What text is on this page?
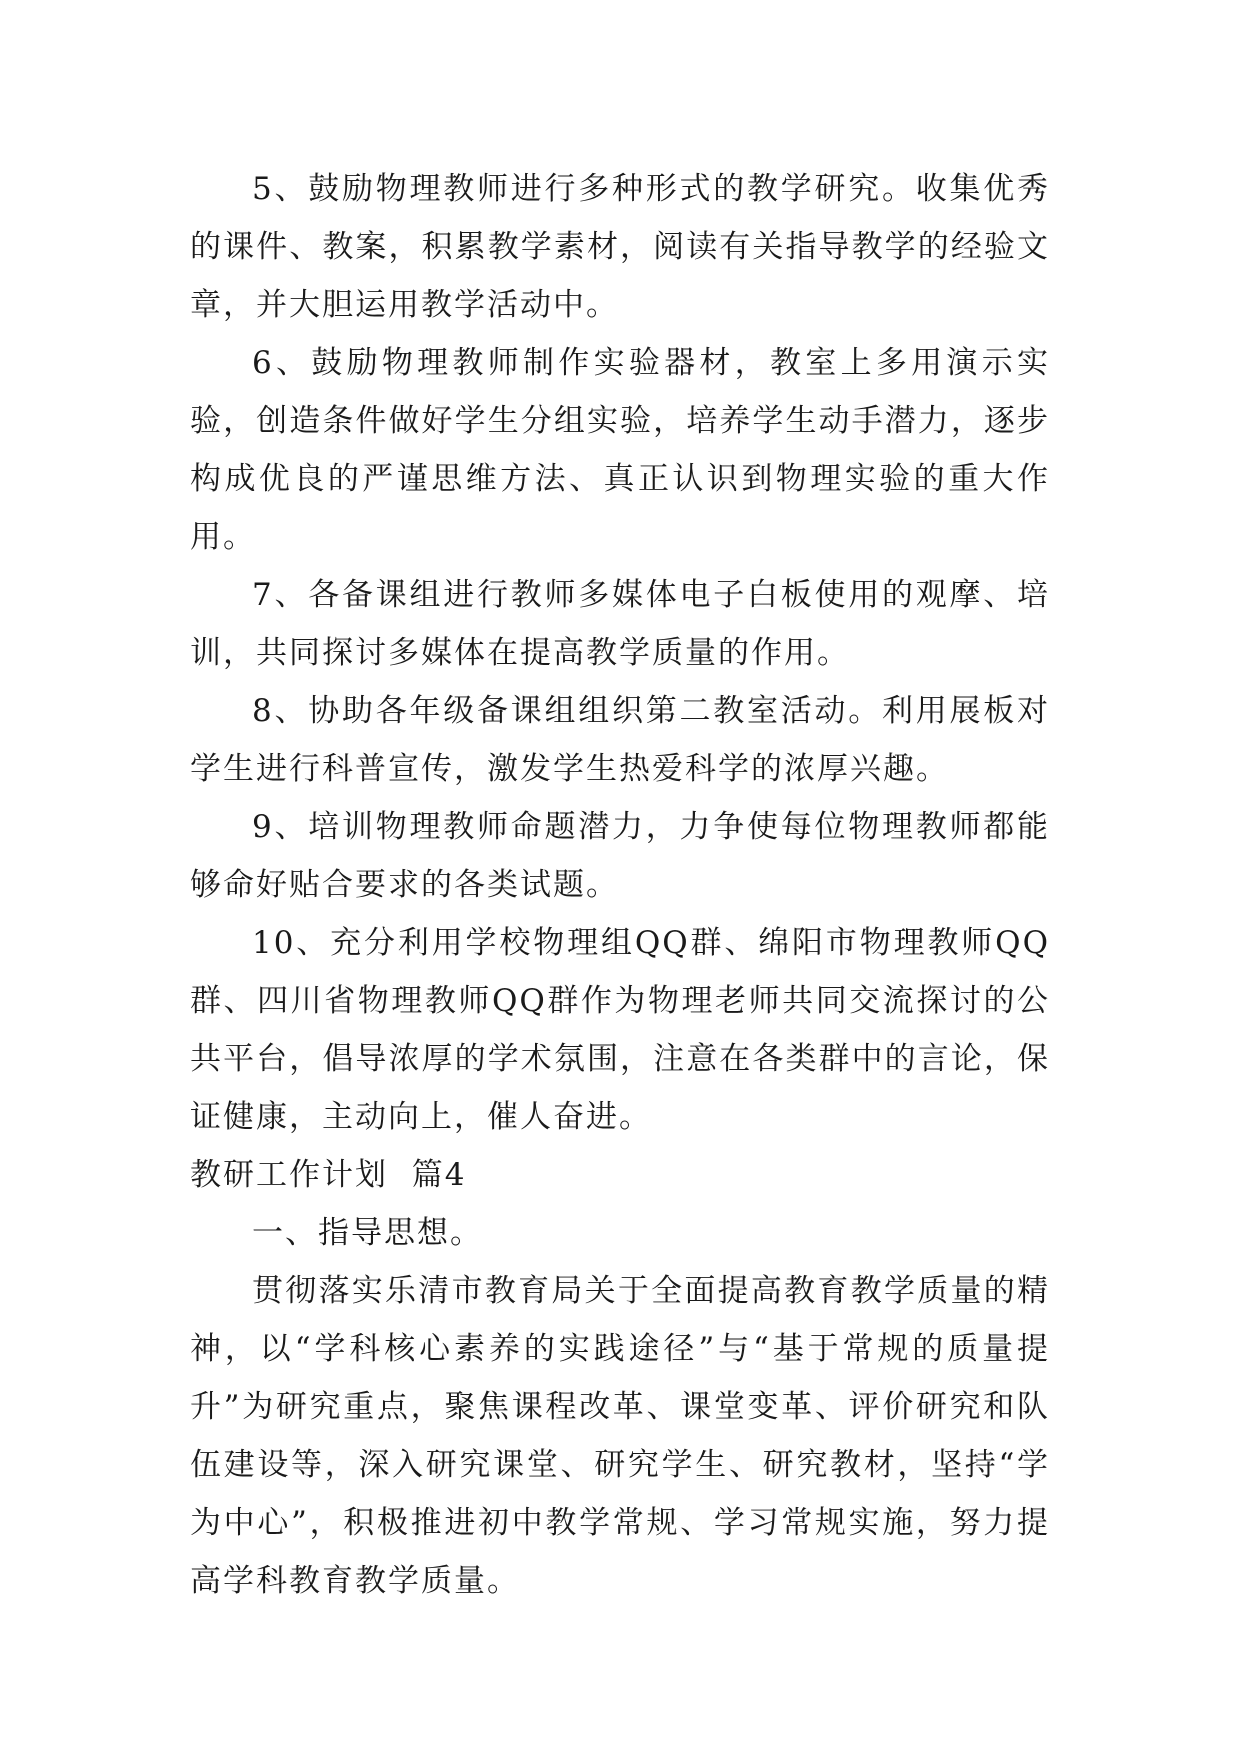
5、鼓励物理教师进行多种形式的教学研究。收集优秀的课件、教案，积累教学素材，阅读有关指导教学的经验文章，并大胆运用教学活动中。

6、鼓励物理教师制作实验器材，教室上多用演示实验，创造条件做好学生分组实验，培养学生动手潜力，逐步构成优良的严谨思维方法、真正认识到物理实验的重大作用。

7、各备课组进行教师多媒体电子白板使用的观摩、培训，共同探讨多媒体在提高教学质量的作用。

8、协助各年级备课组组织第二教室活动。利用展板对学生进行科普宣传，激发学生热爱科学的浓厚兴趣。

9、培训物理教师命题潜力，力争使每位物理教师都能够命好贴合要求的各类试题。

10、充分利用学校物理组QQ群、绵阳市物理教师QQ群、四川省物理教师QQ群作为物理老师共同交流探讨的公共平台，倡导浓厚的学术氛围，注意在各类群中的言论，保证健康，主动向上，催人奋进。

教研工作计划  篇4

一、指导思想。

贯彻落实乐清市教育局关于全面提高教育教学质量的精神，以“学科核心素养的实践途径”与“基于常规的质量提升”为研究重点，聚焦课程改革、课堂变革、评价研究和队伍建设等，深入研究课堂、研究学生、研究教材，坚持“学为中心”，积极推进初中教学常规、学习常规实施，努力提高学科教育教学质量。
